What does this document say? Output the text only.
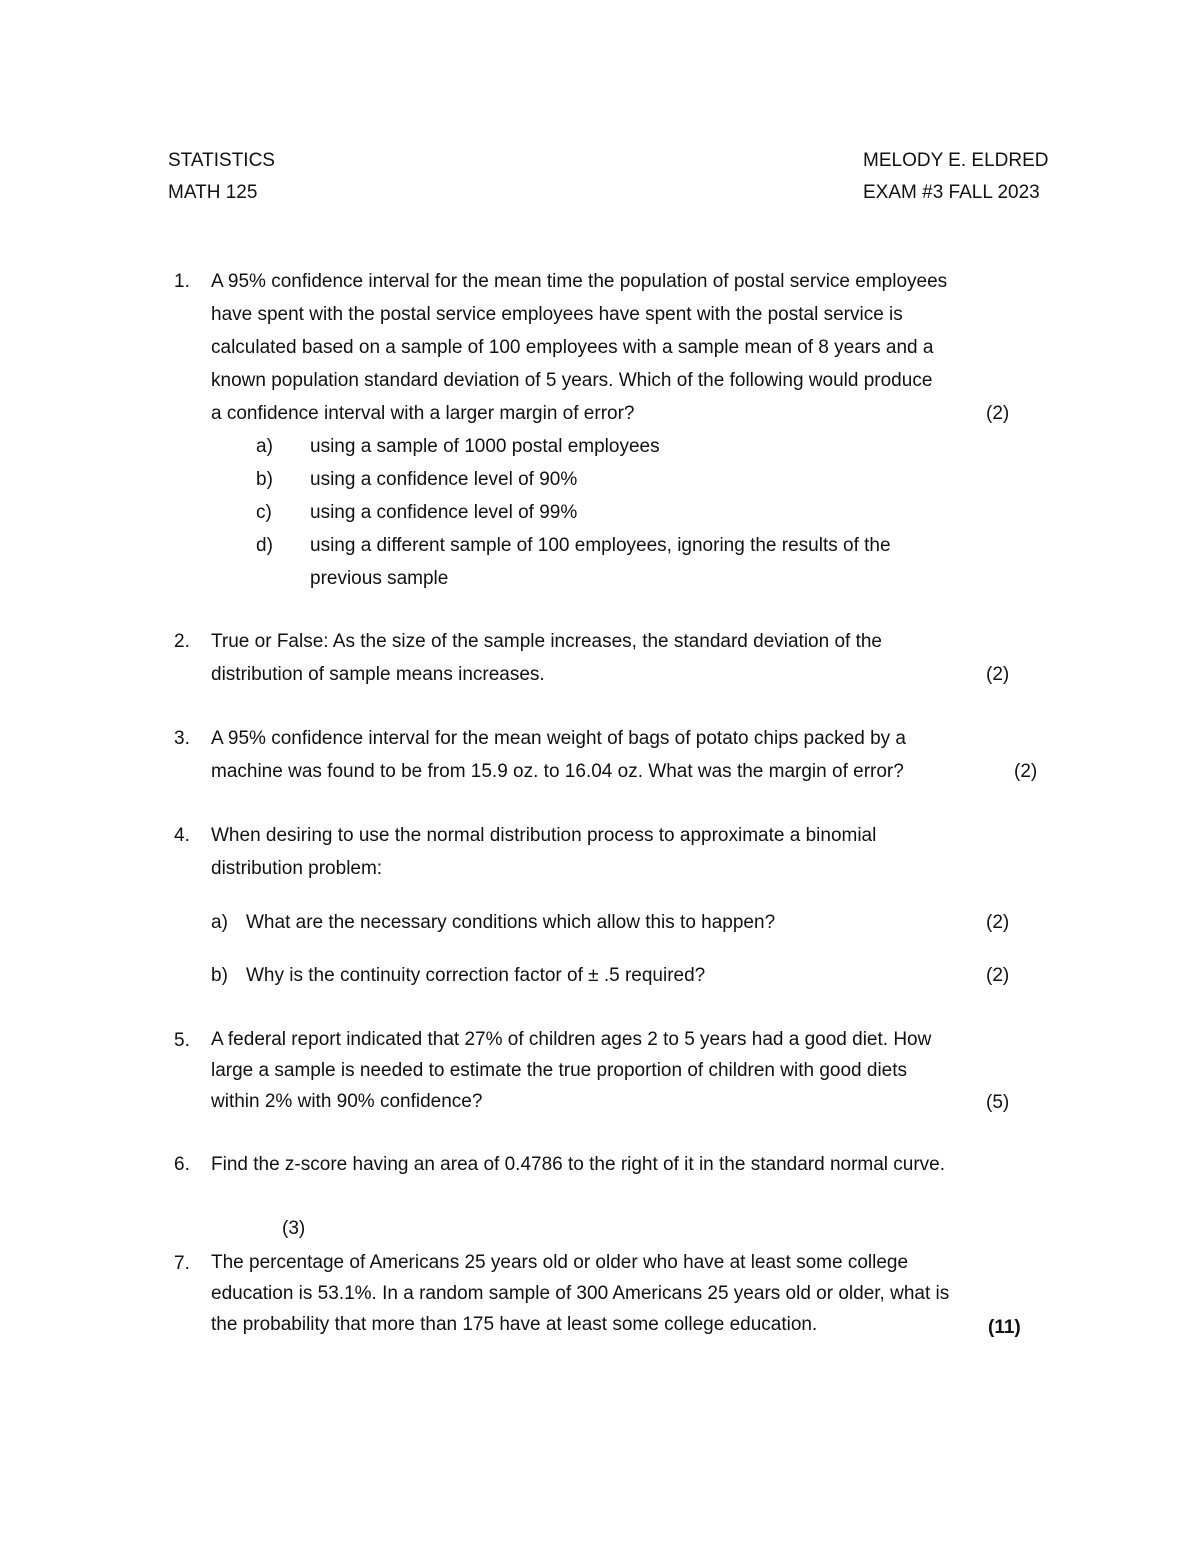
STATISTICS
MATH 125
MELODY E. ELDRED
EXAM #3 FALL 2023
1. A 95% confidence interval for the mean time the population of postal service employees
have spent with the postal service employees have spent with the postal service is
calculated based on a sample of 100 employees with a sample mean of 8 years and a
known population standard deviation of 5 years. Which of the following would produce
a confidence interval with a larger margin of error?	(2)
a) using a sample of 1000 postal employees
b) using a confidence level of 90%
c) using a confidence level of 99%
d) using a different sample of 100 employees, ignoring the results of the
previous sample
2. True or False: As the size of the sample increases, the standard deviation of the
distribution of sample means increases.	(2)
3. A 95% confidence interval for the mean weight of bags of potato chips packed by a
machine was found to be from 15.9 oz. to 16.04 oz. What was the margin of error?	(2)
4. When desiring to use the normal distribution process to approximate a binomial
distribution problem:
a) What are the necessary conditions which allow this to happen?	(2)
b) Why is the continuity correction factor of ± .5 required?	(2)
5. A federal report indicated that 27% of children ages 2 to 5 years had a good diet. How
large a sample is needed to estimate the true proportion of children with good diets
within 2% with 90% confidence?	(5)
6. Find the z-score having an area of 0.4786 to the right of it in the standard normal curve.
(3)
7. The percentage of Americans 25 years old or older who have at least some college
education is 53.1%. In a random sample of 300 Americans 25 years old or older, what is
the probability that more than 175 have at least some college education.	(11)
